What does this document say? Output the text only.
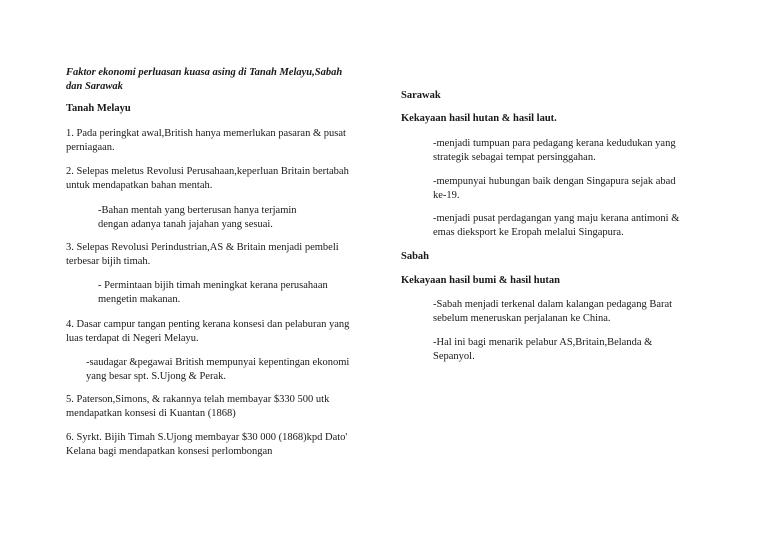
Faktor ekonomi perluasan kuasa asing di Tanah Melayu,Sabah
dan Sarawak
Tanah Melayu
1. Pada peringkat awal,British hanya memerlukan pasaran & pusat
perniagaan.
2. Selepas meletus Revolusi Perusahaan,keperluan Britain bertabah
untuk mendapatkan bahan mentah.
-Bahan mentah yang berterusan hanya terjamin
dengan adanya tanah jajahan yang sesuai.
3. Selepas Revolusi Perindustrian,AS & Britain menjadi pembeli
terbesar bijih timah.
- Permintaan bijih timah meningkat kerana perusahaan
mengetin makanan.
4. Dasar campur tangan penting kerana konsesi dan pelaburan yang
luas terdapat di Negeri Melayu.
-saudagar &pegawai British mempunyai kepentingan ekonomi
yang besar spt. S.Ujong & Perak.
5. Paterson,Simons, & rakannya telah membayar $330 500 utk
mendapatkan konsesi di Kuantan (1868)
6. Syrkt. Bijih Timah S.Ujong membayar $30 000 (1868)kpd Dato'
Kelana bagi mendapatkan konsesi perlombongan
Sarawak
Kekayaan hasil hutan & hasil laut.
-menjadi tumpuan para pedagang kerana kedudukan yang
strategik sebagai tempat persinggahan.
-mempunyai hubungan baik dengan Singapura sejak abad
ke-19.
-menjadi pusat perdagangan yang maju kerana antimoni &
emas dieksport ke Eropah melalui Singapura.
Sabah
Kekayaan hasil bumi & hasil hutan
-Sabah menjadi terkenal dalam kalangan pedagang Barat
sebelum meneruskan perjalanan ke China.
-Hal ini bagi menarik pelabur AS,Britain,Belanda &
Sepanyol.
